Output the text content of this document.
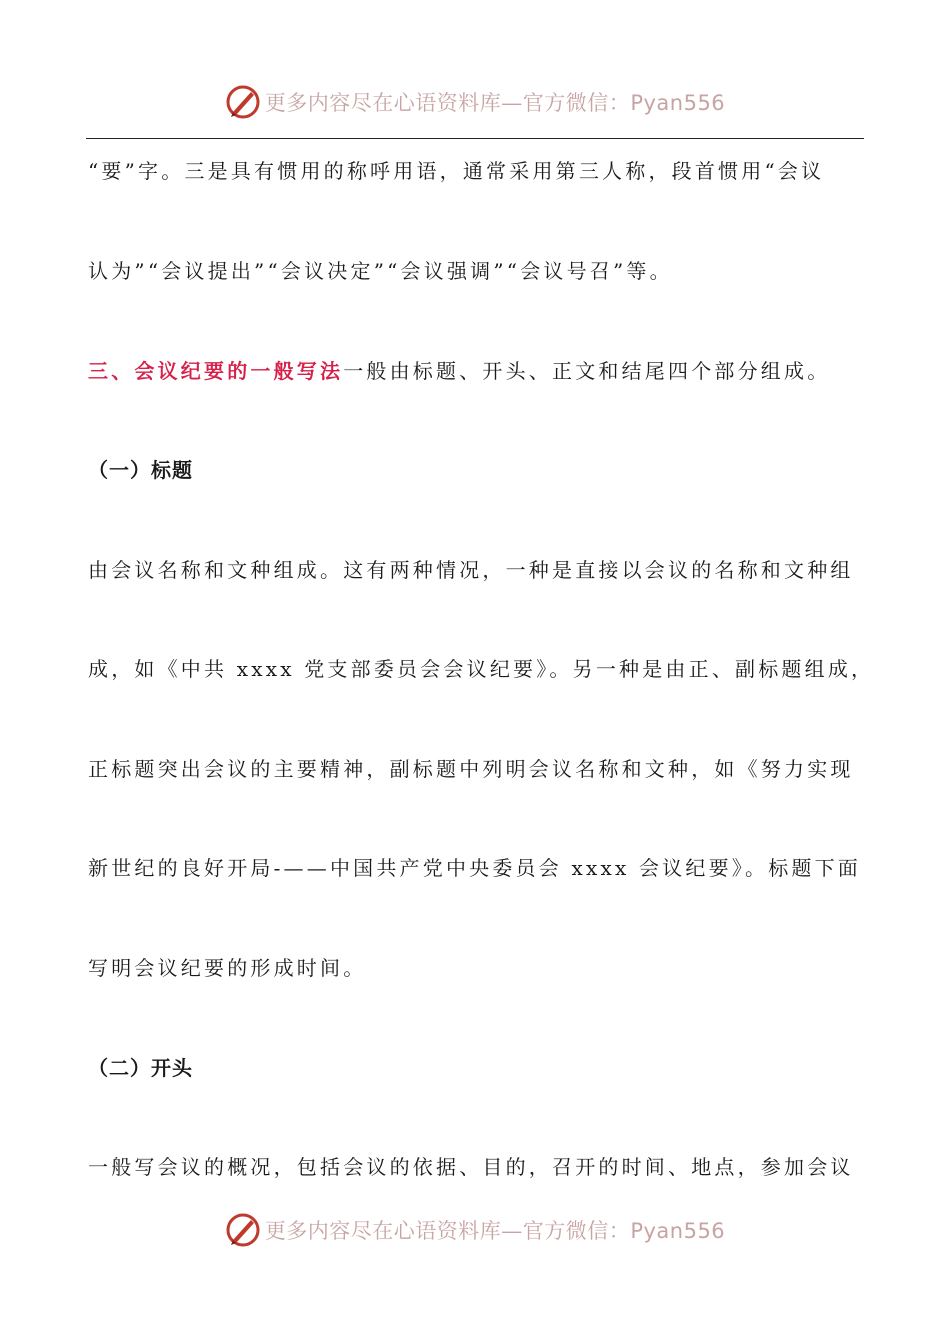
更多内容尽在心语资料库—官方微信：Pyan556
“要”字。三是具有惯用的称呼用语，通常采用第三人称，段首惯用“会议
认为”“会议提出”“会议决定”“会议强调”“会议号召”等。
三、会议纪要的一般写法一般由标题、开头、正文和结尾四个部分组成。
（一）标题
由会议名称和文种组成。这有两种情况，一种是直接以会议的名称和文种组
成，如《中共 xxxx 党支部委员会会议纪要》。另一种是由正、副标题组成，
正标题突出会议的主要精神，副标题中列明会议名称和文种，如《努力实现
新世纪的良好开局-——中国共产党中央委员会 xxxx 会议纪要》。标题下面
写明会议纪要的形成时间。
（二）开头
一般写会议的概况，包括会议的依据、目的，召开的时间、地点，参加会议
更多内容尽在心语资料库—官方微信：Pyan556
